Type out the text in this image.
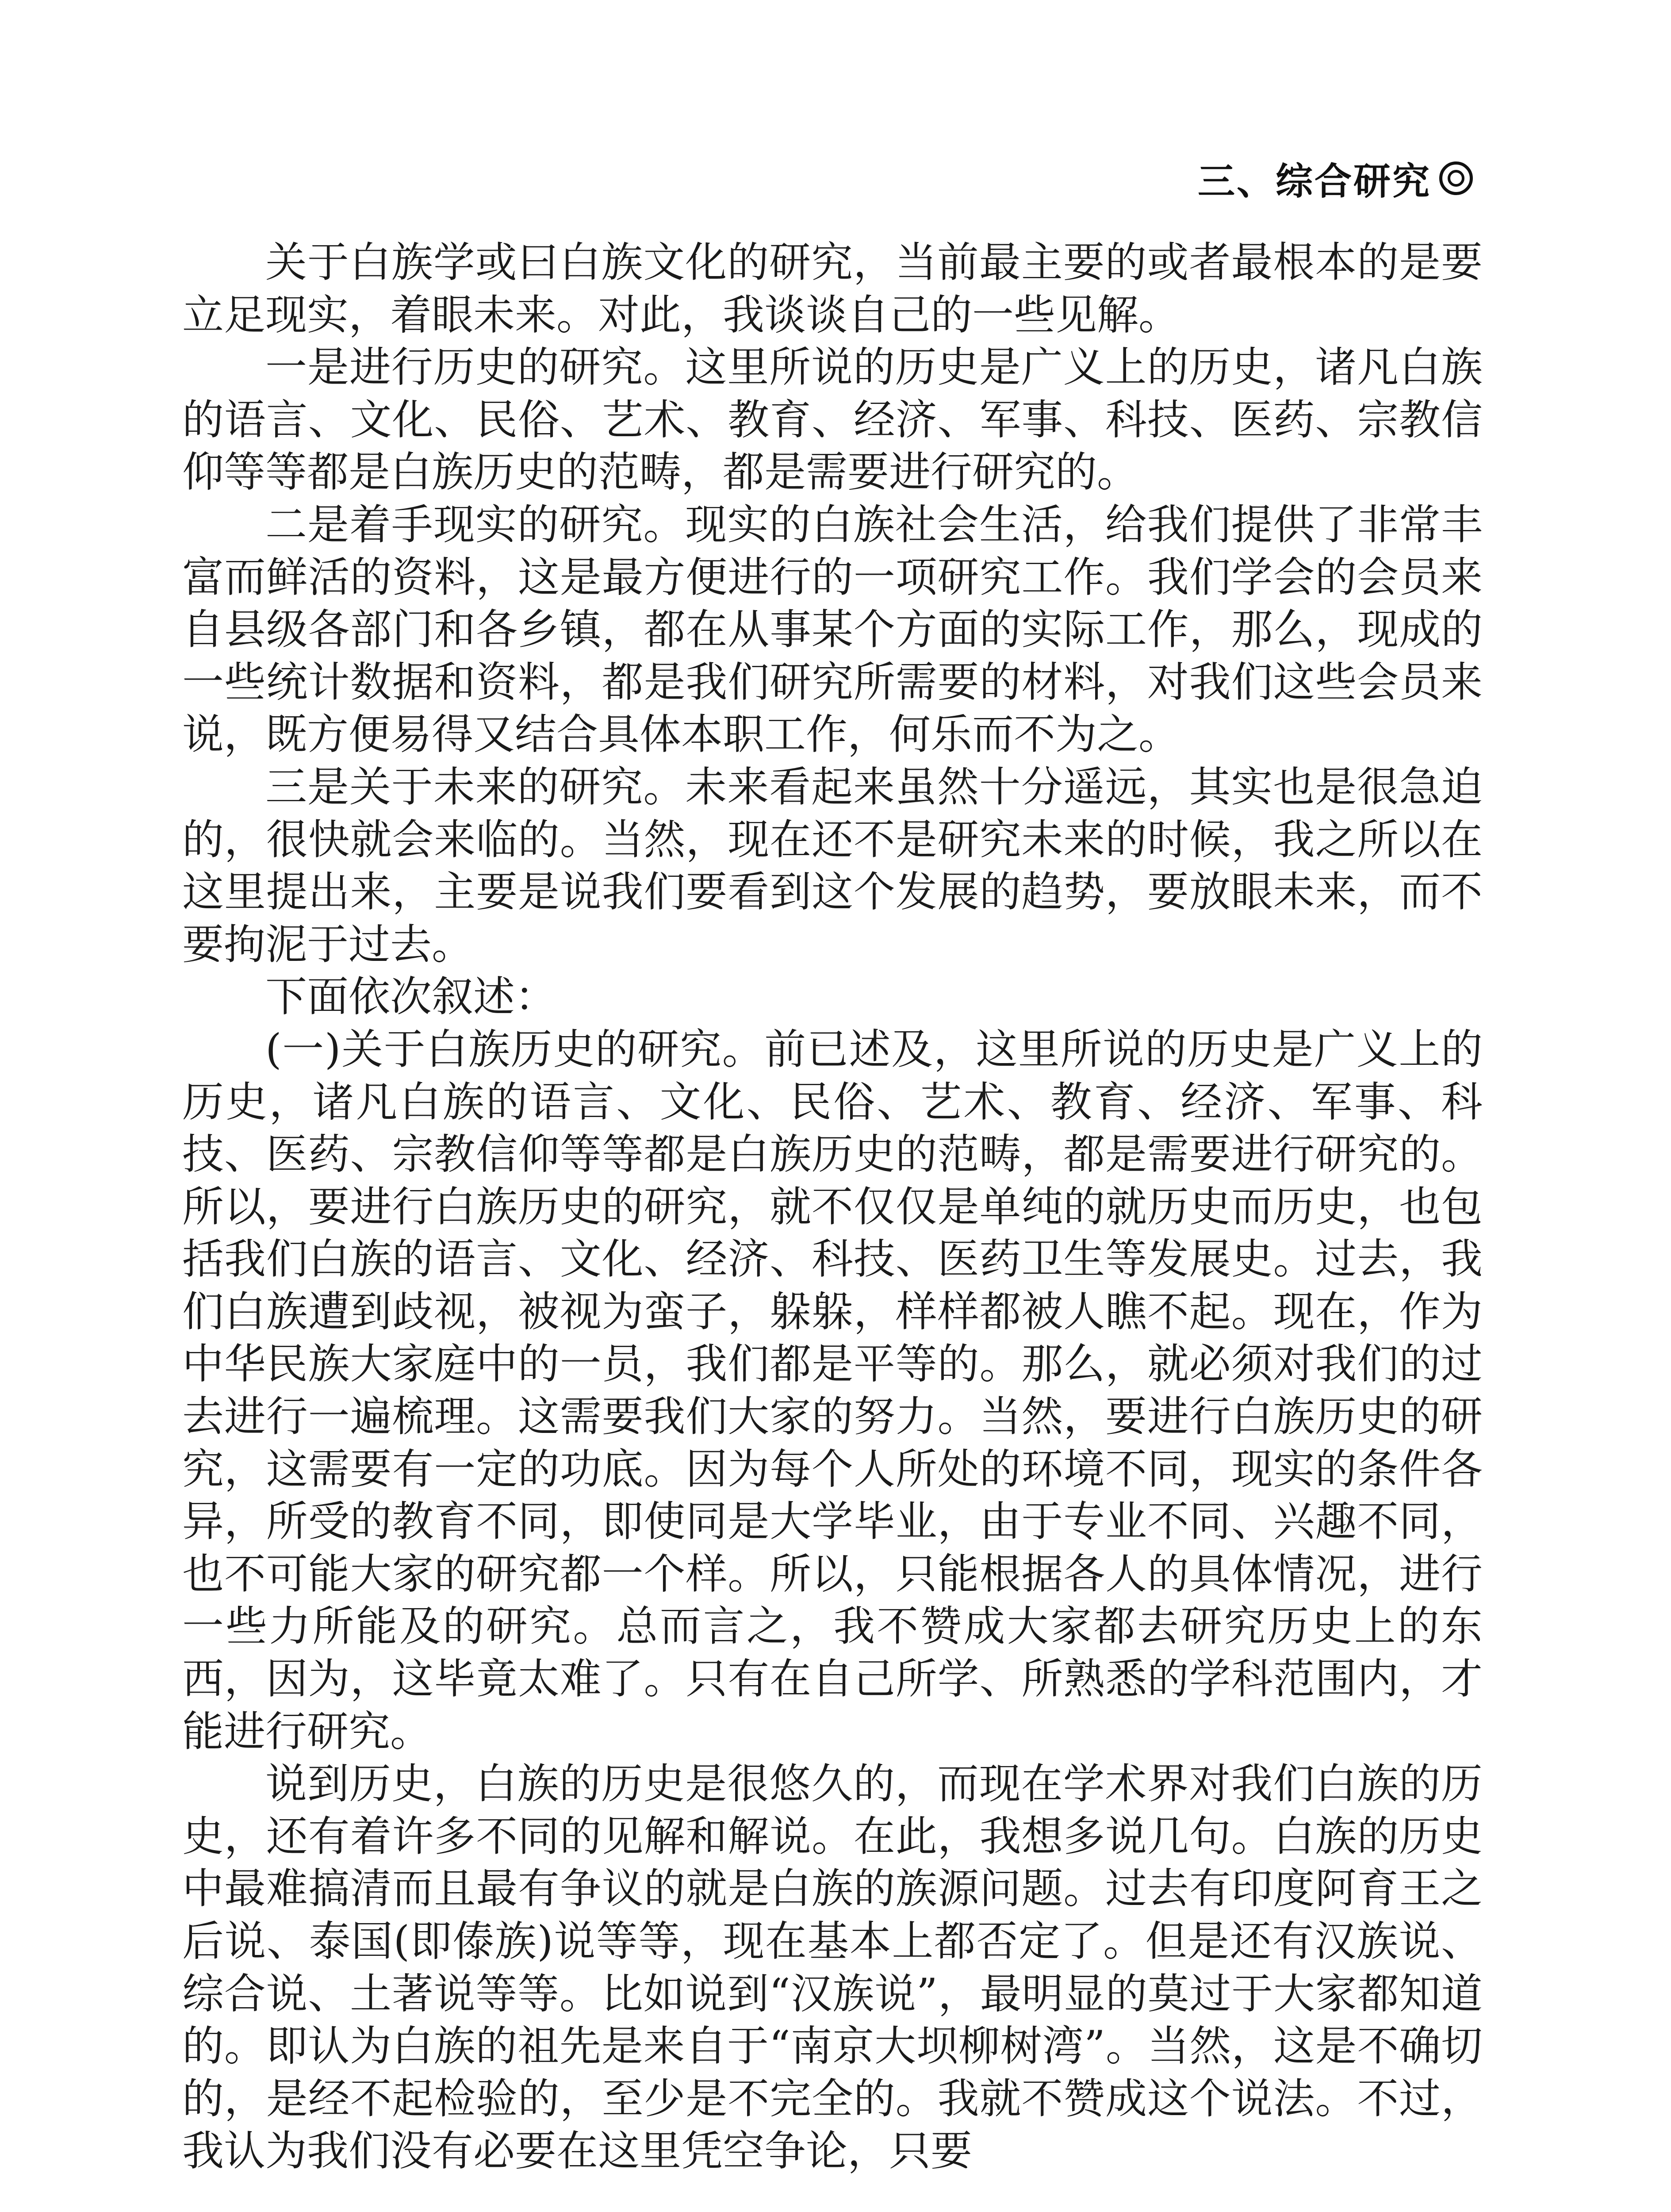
三、综合研究

关于白族学或曰白族文化的研究，当前最主要的或者最根本的是要立足现实，着眼未来。对此，我谈谈自己的一些见解。

一是进行历史的研究。这里所说的历史是广义上的历史，诸凡白族的语言、文化、民俗、艺术、教育、经济、军事、科技、医药、宗教信仰等等都是白族历史的范畴，都是需要进行研究的。

二是着手现实的研究。现实的白族社会生活，给我们提供了非常丰富而鲜活的资料，这是最方便进行的一项研究工作。我们学会的会员来自县级各部门和各乡镇，都在从事某个方面的实际工作，那么，现成的一些统计数据和资料，都是我们研究所需要的材料，对我们这些会员来说，既方便易得又结合具体本职工作，何乐而不为之。

三是关于未来的研究。未来看起来虽然十分遥远，其实也是很急迫的，很快就会来临的。当然，现在还不是研究未来的时候，我之所以在这里提出来，主要是说我们要看到这个发展的趋势，要放眼未来，而不要拘泥于过去。

下面依次叙述：

(一)关于白族历史的研究。前已述及，这里所说的历史是广义上的历史，诸凡白族的语言、文化、民俗、艺术、教育、经济、军事、科技、医药、宗教信仰等等都是白族历史的范畴，都是需要进行研究的。所以，要进行白族历史的研究，就不仅仅是单纯的就历史而历史，也包括我们白族的语言、文化、经济、科技、医药卫生等发展史。过去，我们白族遭到歧视，被视为蛮子，躲躲，样样都被人瞧不起。现在，作为中华民族大家庭中的一员，我们都是平等的。那么，就必须对我们的过去进行一遍梳理。这需要我们大家的努力。当然，要进行白族历史的研究，这需要有一定的功底。因为每个人所处的环境不同，现实的条件各异，所受的教育不同，即使同是大学毕业，由于专业不同、兴趣不同，也不可能大家的研究都一个样。所以，只能根据各人的具体情况，进行一些力所能及的研究。总而言之，我不赞成大家都去研究历史上的东西，因为，这毕竟太难了。只有在自己所学、所熟悉的学科范围内，才能进行研究。

说到历史，白族的历史是很悠久的，而现在学术界对我们白族的历史，还有着许多不同的见解和解说。在此，我想多说几句。白族的历史中最难搞清而且最有争议的就是白族的族源问题。过去有印度阿育王之后说、泰国(即傣族)说等等，现在基本上都否定了。但是还有汉族说、综合说、土著说等等。比如说到“汉族说”，最明显的莫过于大家都知道的。即认为白族的祖先是来自于“南京大坝柳树湾”。当然，这是不确切的，是经不起检验的，至少是不完全的。我就不赞成这个说法。不过，我认为我们没有必要在这里凭空争论，只要
